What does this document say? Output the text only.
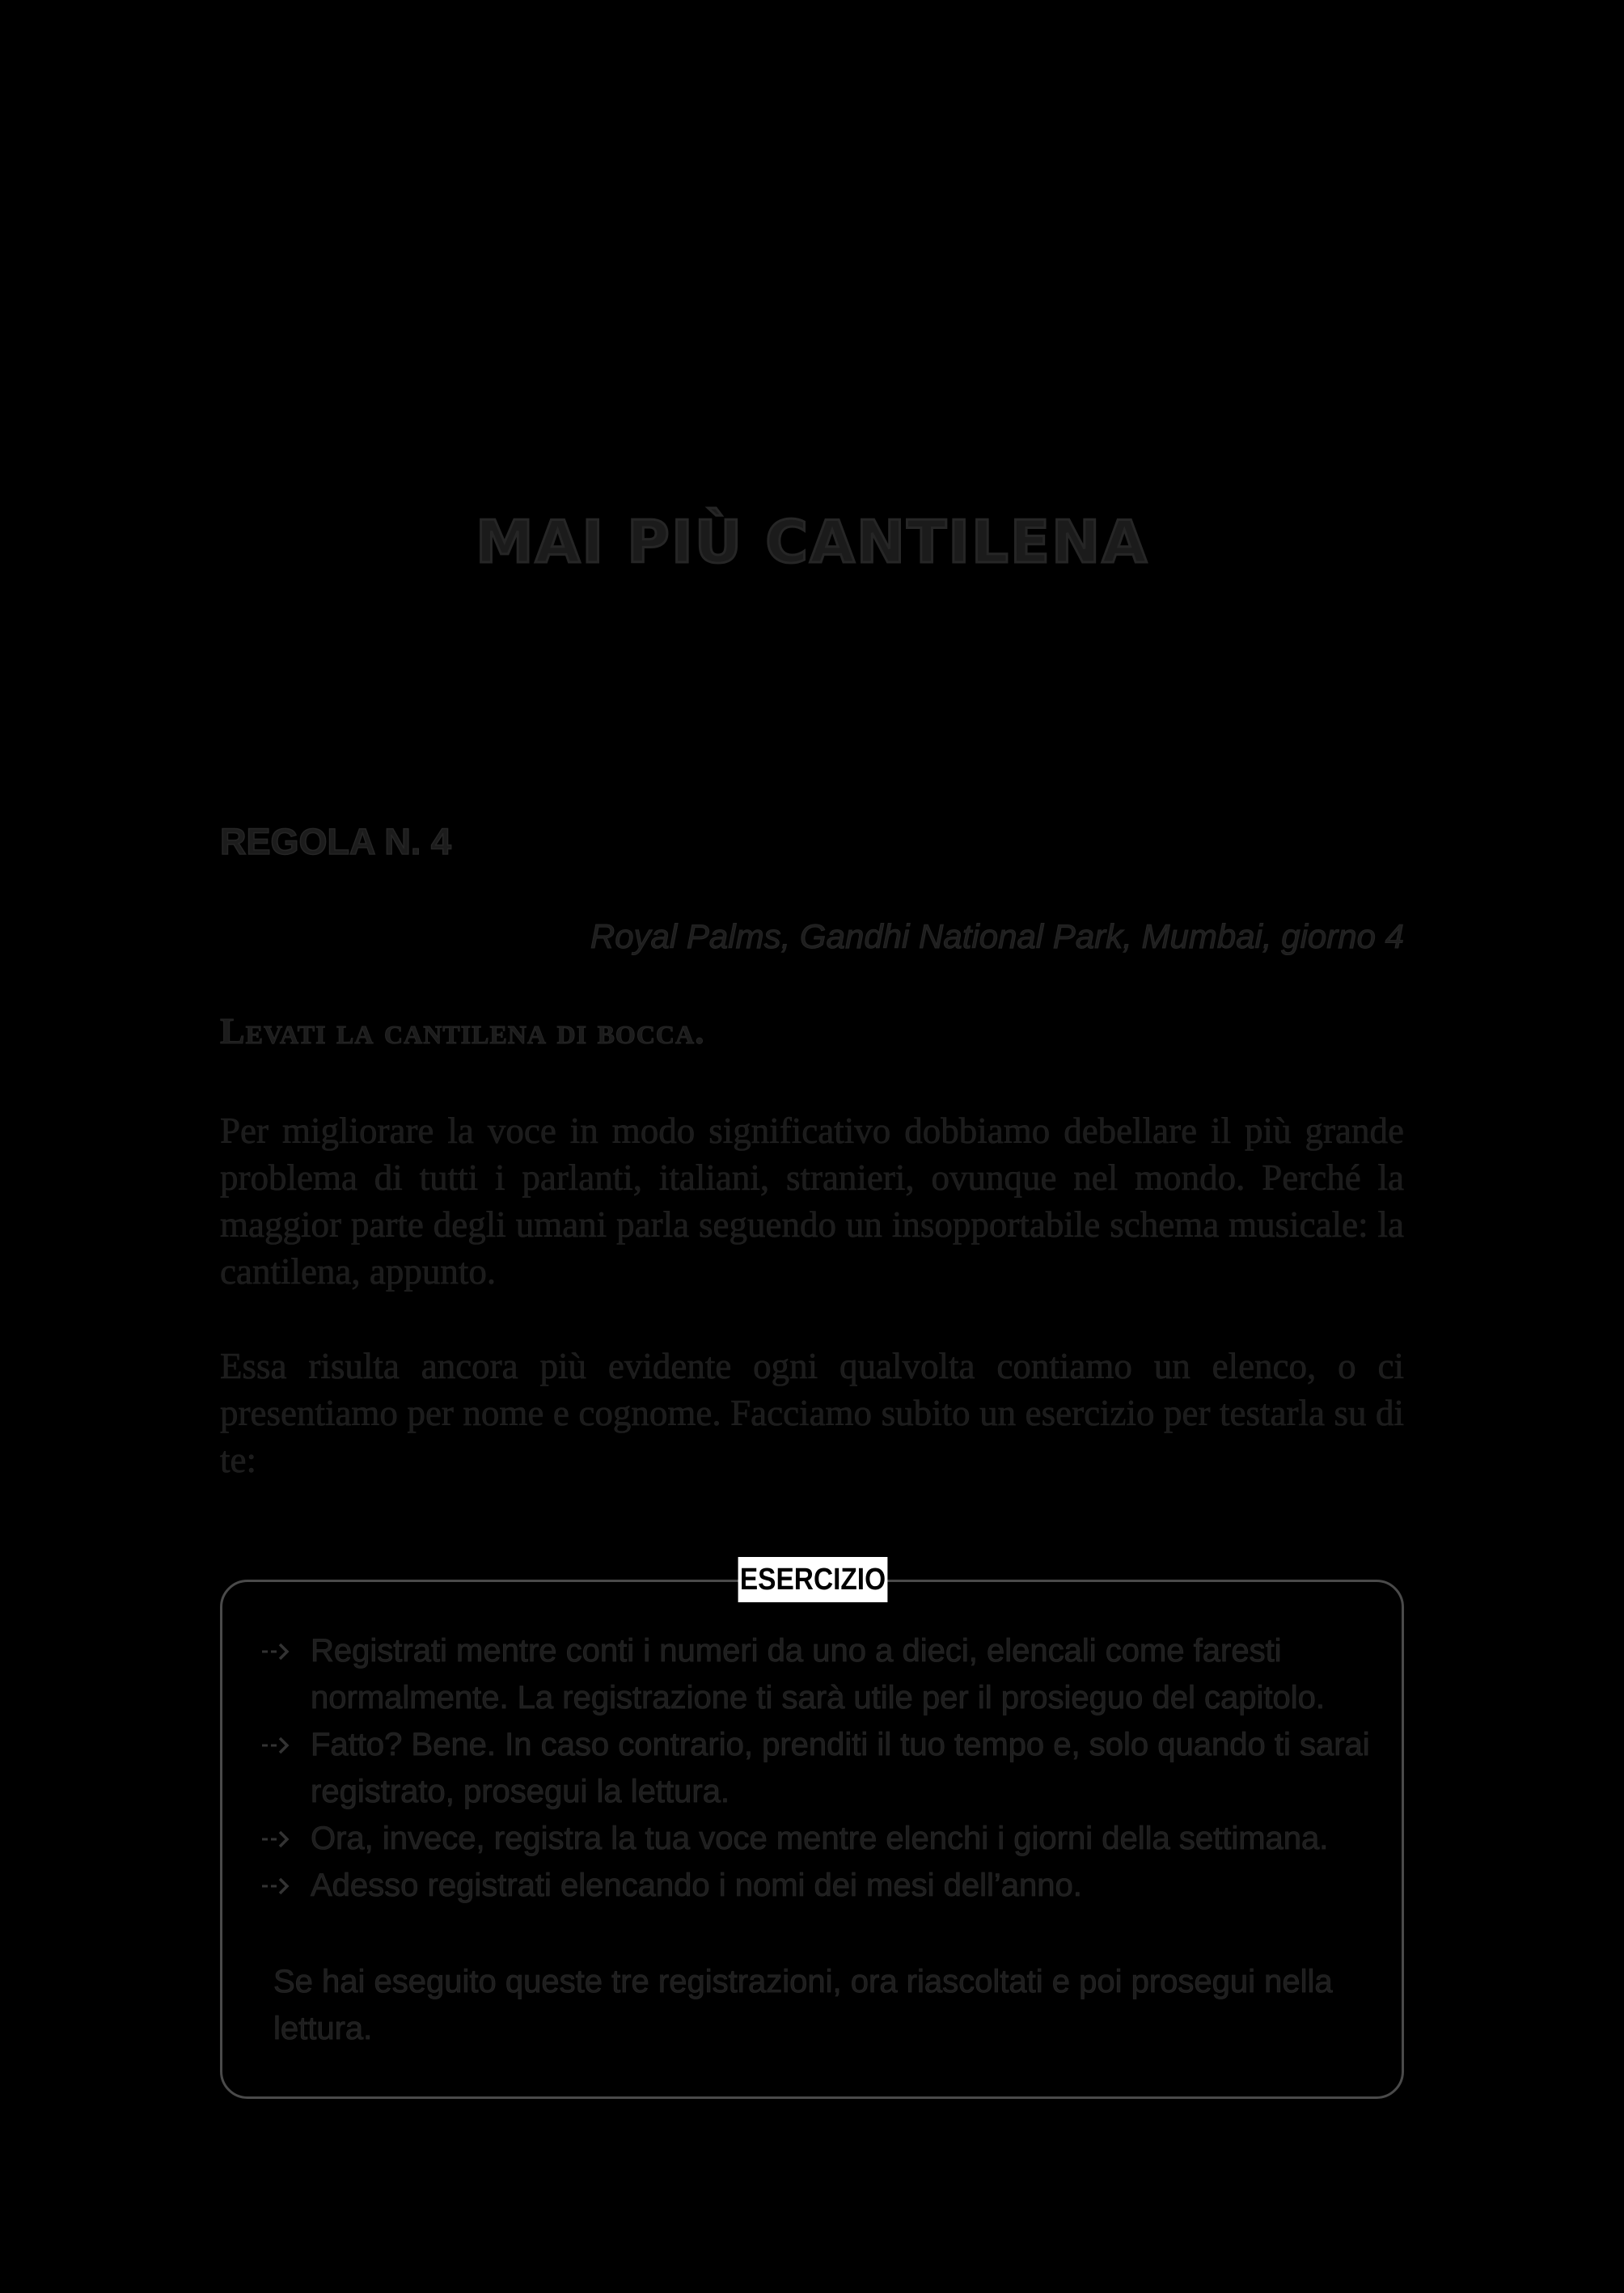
MAI PIÙ CANTILENA
REGOLA N. 4

Royal Palms, Gandhi National Park, Mumbai, giorno 4

Levati la cantilena di bocca.

Per migliorare la voce in modo significativo dobbiamo debellare il più grande problema di tutti i parlanti, italiani, stranieri, ovunque nel mondo. Perché la maggior parte degli umani parla seguendo un insopportabile schema musicale: la cantilena, appunto.

Essa risulta ancora più evidente ogni qualvolta contiamo un elenco, o ci presentiamo per nome e cognome. Facciamo subito un esercizio per testarla su di te:

ESERCIZIO
Registrati mentre conti i numeri da uno a dieci, elencali come faresti normalmente. La registrazione ti sarà utile per il prosieguo del capitolo.
Fatto? Bene. In caso contrario, prenditi il tuo tempo e, solo quando ti sarai registrato, prosegui la lettura.
Ora, invece, registra la tua voce mentre elenchi i giorni della settimana.
Adesso registrati elencando i nomi dei mesi dell’anno.

Se hai eseguito queste tre registrazioni, ora riascoltati e poi prosegui nella lettura.
